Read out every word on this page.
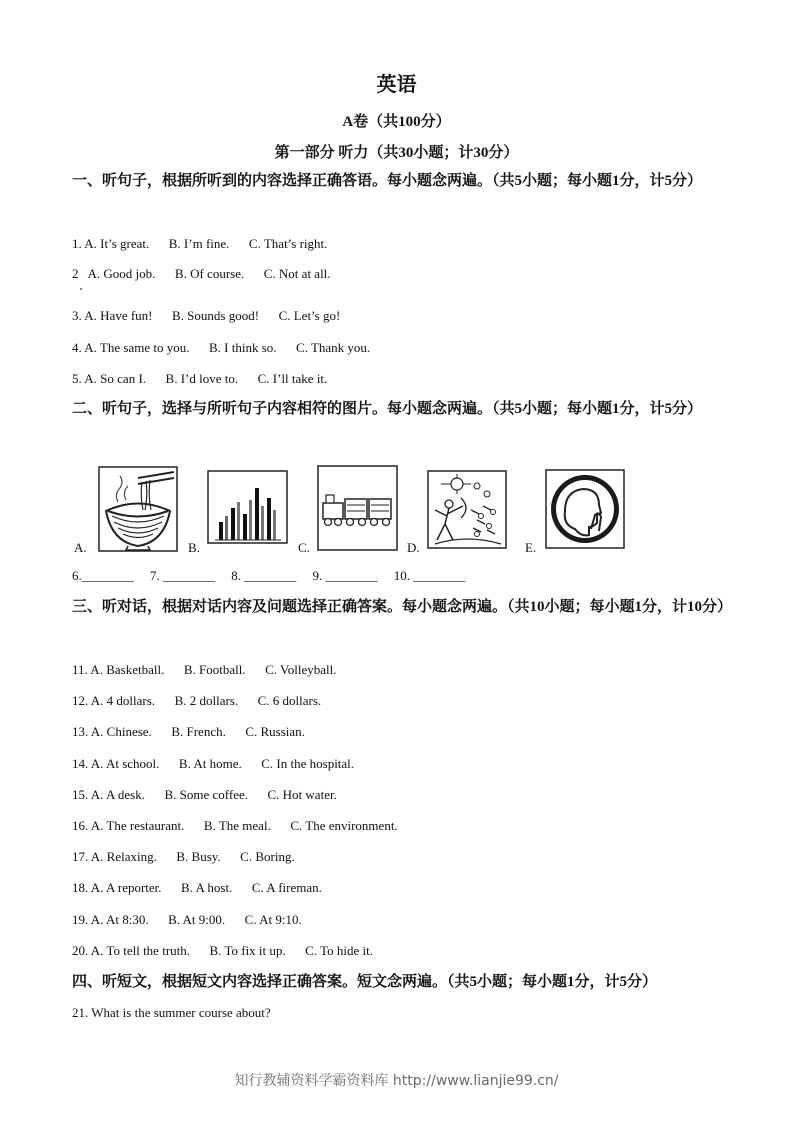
英语
A卷（共100分）
第一部分 听力（共30小题；计30分）
一、听句子，根据所听到的内容选择正确答语。每小题念两遍。（共5小题；每小题1分，计5分）
1. A. It’s great. B. I’m fine. C. That’s right.
2   A. Good job. B. Of course. C. Not at all.
3. A. Have fun! B. Sounds good! C. Let’s go!
4. A. The same to you. B. I think so. C. Thank you.
5. A. So can I. B. I’d love to. C. I’ll take it.
二、听句子，选择与所听句子内容相符的图片。每小题念两遍。（共5小题；每小题1分，计5分）
A.	B.	C.	D.	E.
6.________     7. ________     8. ________     9. ________     10. ________
三、听对话，根据对话内容及问题选择正确答案。每小题念两遍。（共10小题；每小题1分，计10分）
11. A. Basketball. B. Football. C. Volleyball.
12. A. 4 dollars. B. 2 dollars. C. 6 dollars.
13. A. Chinese. B. French. C. Russian.
14. A. At school. B. At home. C. In the hospital.
15. A. A desk. B. Some coffee. C. Hot water.
16. A. The restaurant. B. The meal. C. The environment.
17. A. Relaxing. B. Busy. C. Boring.
18. A. A reporter. B. A host. C. A fireman.
19. A. At 8:30. B. At 9:00. C. At 9:10.
20. A. To tell the truth. B. To fix it up. C. To hide it.
四、听短文，根据短文内容选择正确答案。短文念两遍。（共5小题；每小题1分，计5分）
21. What is the summer course about?
知行教辅资料学霸资料库 http://www.lianjie99.cn/
